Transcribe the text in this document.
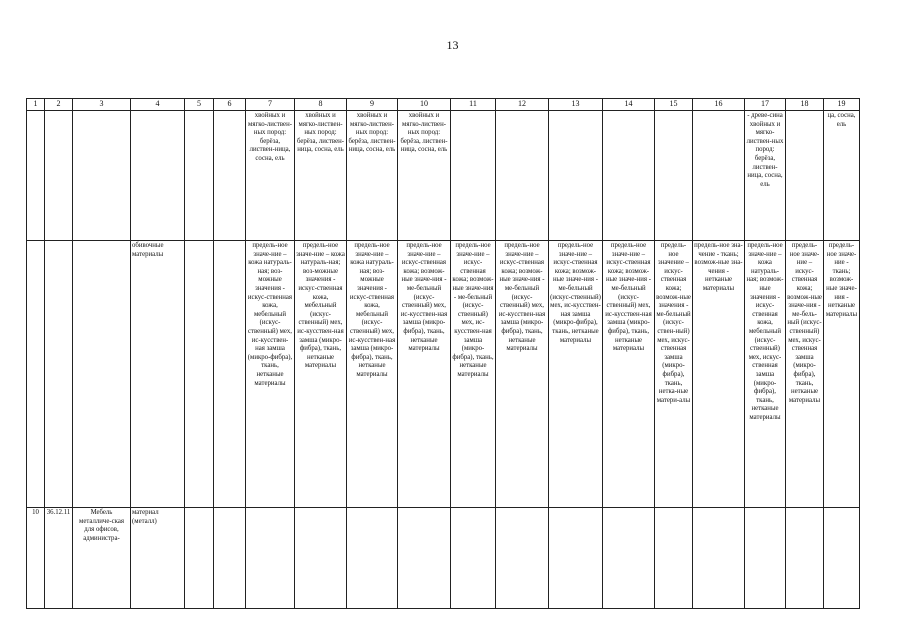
13
1	2	3	4	5	6	7	8	9	10	11	12	13	14	15	16	17	18	19
						хвойных и мягко-листвен-ных пород: берёза, листвен-ница, сосна, ель	хвойных и мягко-листвен-ных пород: берёза, листвен-ница, сосна, ель	хвойных и мягко-листвен-ных пород: берёза, листвен-ница, сосна, ель	хвойных и мягко-листвен-ных пород: берёза, листвен-ница, сосна, ель							- древе-сина хвойных и мягко-листвен-ных пород: берёза, листвен-ница, сосна, ель		ца, сосна, ель
			обивочные материалы			предель-ное значе-ние – кожа натураль-ная; воз-можные значения - искус-ственная кожа, мебельный (искус-ственный) мех, ис-кусствен-ная замша (микро-фибра), ткань, нетканые материалы	предель-ное значе-ние – кожа натураль-ная; воз-можные значения - искус-ственная кожа, мебельный (искус-ственный) мех, ис-кусствен-ная замша (микро-фибра), ткань, нетканые материалы	предель-ное значе-ние – кожа натураль-ная; воз-можные значения - искус-ственная кожа, мебельный (искус-ственный) мех, ис-кусствен-ная замша (микро-фибра), ткань, нетканые материалы	предель-ное значе-ние – искус-ственная кожа; возмож-ные значе-ния - ме-бельный (искус-ственный) мех, ис-кусствен-ная замша (микро-фибра), ткань, нетканые материалы	предель-ное значе-ние – искус-ственная кожа; возмож-ные значе-ния - ме-бельный (искус-ственный) мех, ис-кусствен-ная замша (микро-фибра), ткань, нетканые материалы	предель-ное значе-ние – искус-ственная кожа; возмож-ные значе-ния - ме-бельный (искус-ственный) мех, ис-кусствен-ная замша (микро-фибра), ткань, нетканые материалы	предель-ное значе-ние – искус-ственная кожа; возмож-ные значе-ния - ме-бельный (искус-ственный) мех, ис-кусствен-ная замша (микро-фибра), ткань, нетканые материалы	предель-ное значе-ние – искус-ственная кожа; возмож-ные значе-ния - ме-бельный (искус-ственный) мех, ис-кусствен-ная замша (микро-фибра), ткань, нетканые материалы	предель-ное значение – искус-ственная кожа; возмож-ные значения - ме-бельный (искус-ствен-ный) мех, искус-ственная замша (микро-фибра), ткань, нетка-ные матери-алы	предель-ное зна-чение - ткань; возмож-ные зна-чения - нетканые материалы	предель-ное значе-ние – кожа натураль-ная; возмож-ные значения - искус-ственная кожа, мебельный (искус-ственный) мех, искус-ственная замша (микро-фибра), ткань, нетканые материалы	предель-ное значе-ние – искус-ственная кожа; возмож-ные значе-ния - ме-бель-ный (искус-ственный) мех, искус-ственная замша (микро-фибра), ткань, нетканые материалы	предель-ное значе-ние - ткань; возмож-ные значе-ния - нетканые материалы
10	36.12.11	Мебель металличе-ская для офисов, администра-	материал (металл)															
